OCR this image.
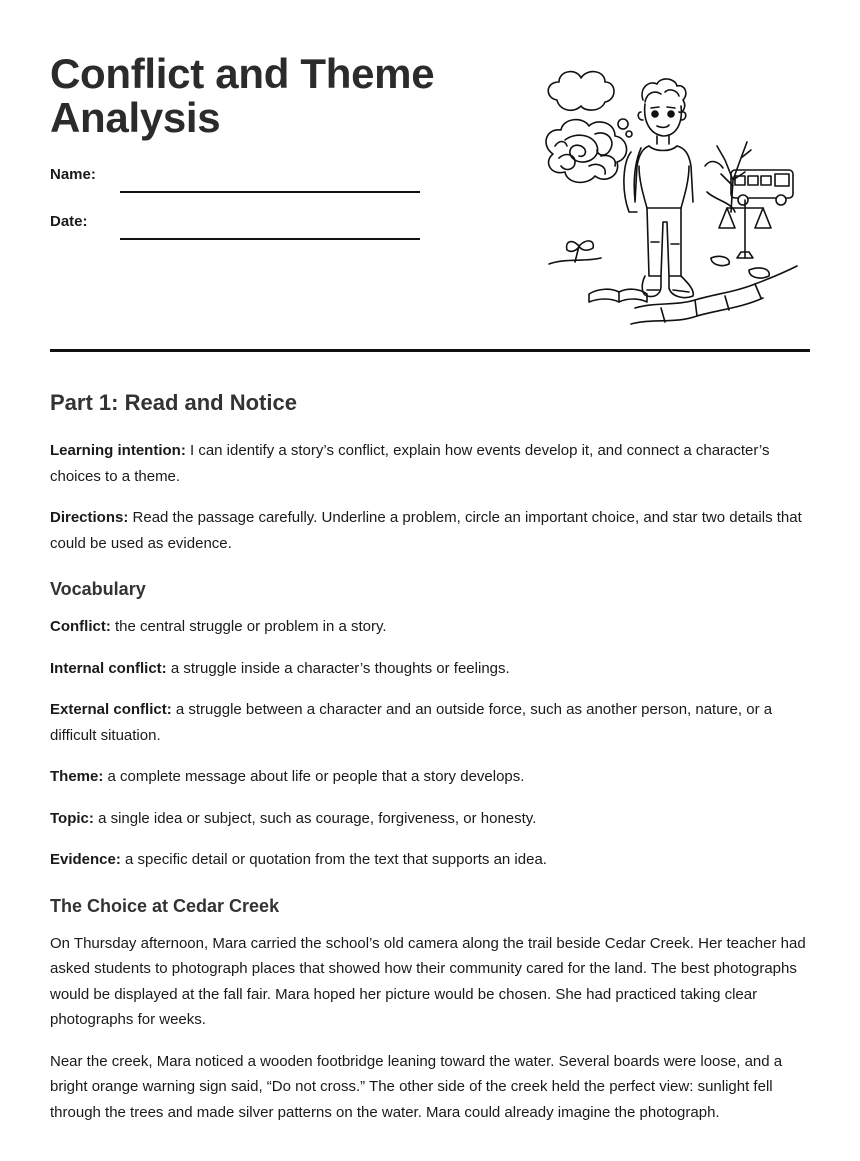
Conflict and Theme Analysis
Name:
Date:
Part 1: Read and Notice

Learning intention: I can identify a story’s conflict, explain how events develop it, and connect a character’s choices to a theme.

Directions: Read the passage carefully. Underline a problem, circle an important choice, and star two details that could be used as evidence.

Vocabulary

Conflict: the central struggle or problem in a story.

Internal conflict: a struggle inside a character’s thoughts or feelings.

External conflict: a struggle between a character and an outside force, such as another person, nature, or a difficult situation.

Theme: a complete message about life or people that a story develops.

Topic: a single idea or subject, such as courage, forgiveness, or honesty.

Evidence: a specific detail or quotation from the text that supports an idea.

The Choice at Cedar Creek

On Thursday afternoon, Mara carried the school’s old camera along the trail beside Cedar Creek. Her teacher had asked students to photograph places that showed how their community cared for the land. The best photographs would be displayed at the fall fair. Mara hoped her picture would be chosen. She had practiced taking clear photographs for weeks.

Near the creek, Mara noticed a wooden footbridge leaning toward the water. Several boards were loose, and a bright orange warning sign said, “Do not cross.” The other side of the creek held the perfect view: sunlight fell through the trees and made silver patterns on the water. Mara could already imagine the photograph.
